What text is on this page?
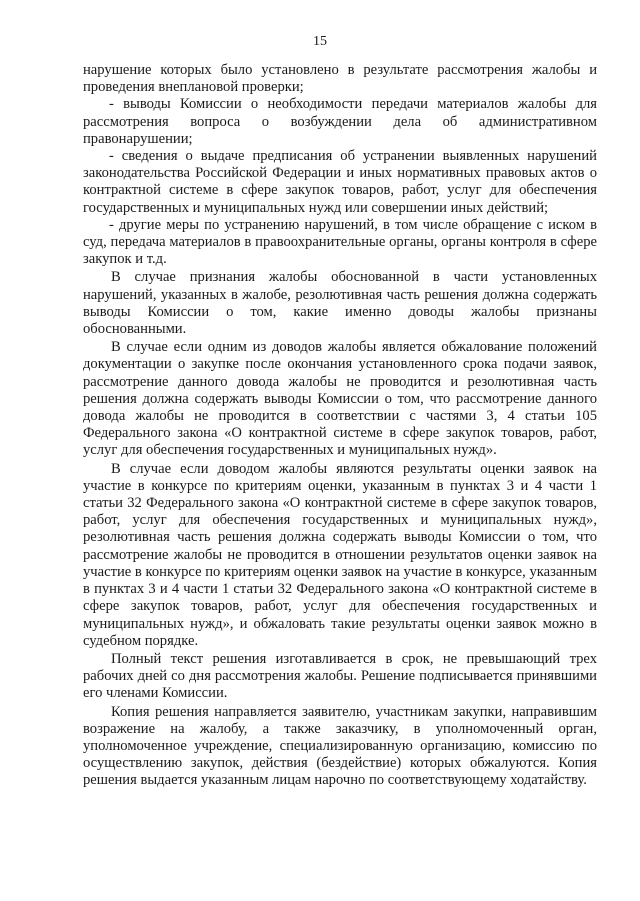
15

нарушение которых было установлено в результате рассмотрения жалобы и проведения внеплановой проверки;

- выводы Комиссии о необходимости передачи материалов жалобы для рассмотрения вопроса о возбуждении дела об административном правонарушении;

- сведения о выдаче предписания об устранении выявленных нарушений законодательства Российской Федерации и иных нормативных правовых актов о контрактной системе в сфере закупок товаров, работ, услуг для обеспечения государственных и муниципальных нужд или совершении иных действий;

- другие меры по устранению нарушений, в том числе обращение с иском в суд, передача материалов в правоохранительные органы, органы контроля в сфере закупок и т.д.

В случае признания жалобы обоснованной в части установленных нарушений, указанных в жалобе, резолютивная часть решения должна содержать выводы Комиссии о том, какие именно доводы жалобы признаны обоснованными.

В случае если одним из доводов жалобы является обжалование положений документации о закупке после окончания установленного срока подачи заявок, рассмотрение данного довода жалобы не проводится и резолютивная часть решения должна содержать выводы Комиссии о том, что рассмотрение данного довода жалобы не проводится в соответствии с частями 3, 4 статьи 105 Федерального закона «О контрактной системе в сфере закупок товаров, работ, услуг для обеспечения государственных и муниципальных нужд».

В случае если доводом жалобы являются результаты оценки заявок на участие в конкурсе по критериям оценки, указанным в пунктах 3 и 4 части 1 статьи 32 Федерального закона «О контрактной системе в сфере закупок товаров, работ, услуг для обеспечения государственных и муниципальных нужд», резолютивная часть решения должна содержать выводы Комиссии о том, что рассмотрение жалобы не проводится в отношении результатов оценки заявок на участие в конкурсе по критериям оценки заявок на участие в конкурсе, указанным в пунктах 3 и 4 части 1 статьи 32 Федерального закона «О контрактной системе в сфере закупок товаров, работ, услуг для обеспечения государственных и муниципальных нужд», и обжаловать такие результаты оценки заявок можно в судебном порядке.

Полный текст решения изготавливается в срок, не превышающий трех рабочих дней со дня рассмотрения жалобы. Решение подписывается принявшими его членами Комиссии.

Копия решения направляется заявителю, участникам закупки, направившим возражение на жалобу, а также заказчику, в уполномоченный орган, уполномоченное учреждение, специализированную организацию, комиссию по осуществлению закупок, действия (бездействие) которых обжалуются. Копия решения выдается указанным лицам нарочно по соответствующему ходатайству.
